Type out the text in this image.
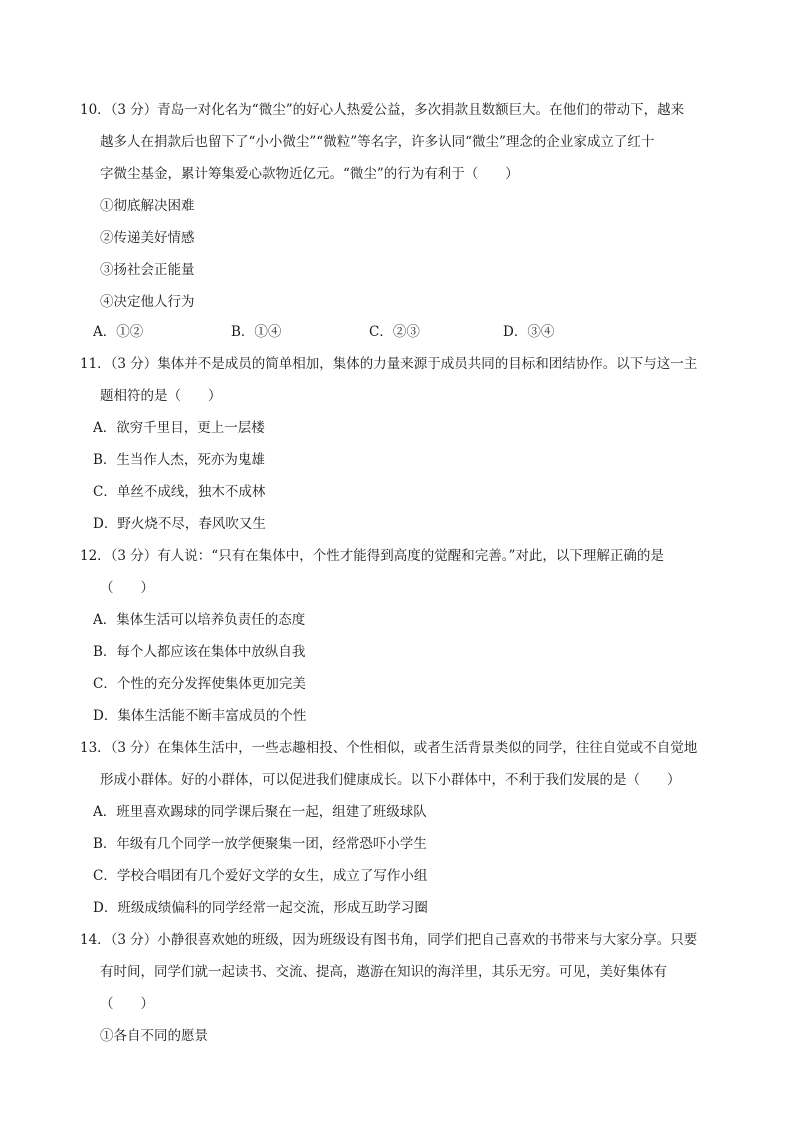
10．（3 分）青岛一对化名为“微尘”的好心人热爱公益，多次捐款且数额巨大。在他们的带动下，越来
越多人在捐款后也留下了“小小微尘”“微粒”等名字，许多认同“微尘”理念的企业家成立了红十
字微尘基金，累计筹集爱心款物近亿元。“微尘”的行为有利于（　　）
①彻底解决困难
②传递美好情感
③扬社会正能量
④决定他人行为
A．①②	B．①④	C．②③	D．③④
11．（3 分）集体并不是成员的简单相加，集体的力量来源于成员共同的目标和团结协作。以下与这一主
题相符的是（　　）
A．欲穷千里目，更上一层楼
B．生当作人杰，死亦为鬼雄
C．单丝不成线，独木不成林
D．野火烧不尽，春风吹又生
12．（3 分）有人说：“只有在集体中，个性才能得到高度的觉醒和完善。”对此，以下理解正确的是
（　　）
A．集体生活可以培养负责任的态度
B．每个人都应该在集体中放纵自我
C．个性的充分发挥使集体更加完美
D．集体生活能不断丰富成员的个性
13．（3 分）在集体生活中，一些志趣相投、个性相似，或者生活背景类似的同学，往往自觉或不自觉地
形成小群体。好的小群体，可以促进我们健康成长。以下小群体中，不利于我们发展的是（　　）
A．班里喜欢踢球的同学课后聚在一起，组建了班级球队
B．年级有几个同学一放学便聚集一团，经常恐吓小学生
C．学校合唱团有几个爱好文学的女生，成立了写作小组
D．班级成绩偏科的同学经常一起交流，形成互助学习圈
14．（3 分）小静很喜欢她的班级，因为班级设有图书角，同学们把自己喜欢的书带来与大家分享。只要
有时间，同学们就一起读书、交流、提高，遨游在知识的海洋里，其乐无穷。可见，美好集体有
（　　）
①各自不同的愿景
